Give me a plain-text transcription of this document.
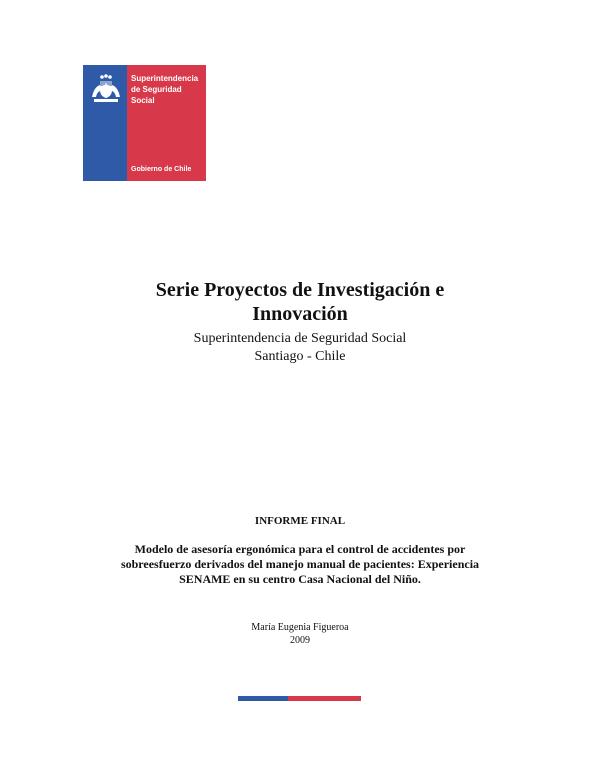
Superintendencia
de Seguridad
Social
Gobierno de Chile
Serie Proyectos de Investigación e
Innovación
Superintendencia de Seguridad Social
Santiago - Chile
INFORME FINAL
Modelo de asesoría ergonómica para el control de accidentes por
sobreesfuerzo derivados del manejo manual de pacientes: Experiencia
SENAME en su centro Casa Nacional del Niño.
María Eugenia Figueroa
2009
